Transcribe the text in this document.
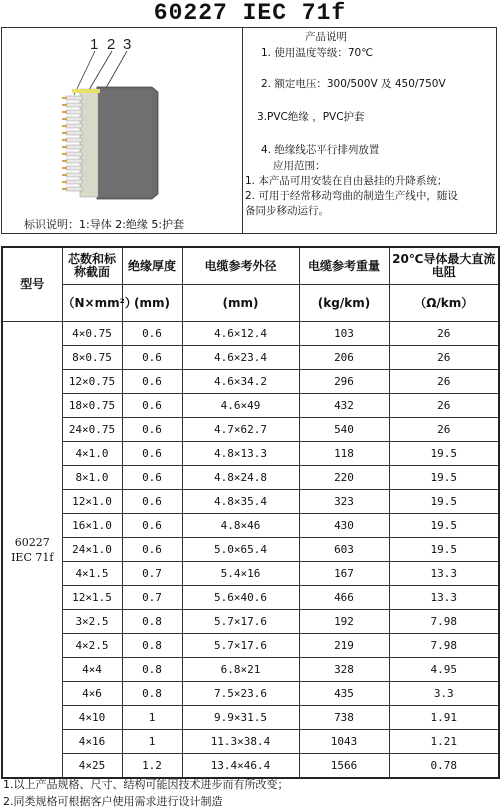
60227 IEC 71f
1 2 3
标识说明：1:导体 2:绝缘 5:护套
产品说明
1. 使用温度等级：70℃
2. 额定电压：300/500V 及 450/750V
3.PVC绝缘 ，PVC护套
4. 绝缘线芯平行排列放置
应用范围：
1. 本产品可用安装在自由悬挂的升降系统；
2. 可用于经常移动弯曲的制造生产线中，随设
备同步移动运行。
型号	芯数和标称截面	绝缘厚度	电缆参考外径	电缆参考重量	20℃导体最大直流电阻
	（N×mm²）	(mm)	(mm)	(kg/km)	（Ω/km）
60227 IEC 71f	4×0.75	0.6	4.6×12.4	103	26
	8×0.75	0.6	4.6×23.4	206	26
	12×0.75	0.6	4.6×34.2	296	26
	18×0.75	0.6	4.6×49	432	26
	24×0.75	0.6	4.7×62.7	540	26
	4×1.0	0.6	4.8×13.3	118	19.5
	8×1.0	0.6	4.8×24.8	220	19.5
	12×1.0	0.6	4.8×35.4	323	19.5
	16×1.0	0.6	4.8×46	430	19.5
	24×1.0	0.6	5.0×65.4	603	19.5
	4×1.5	0.7	5.4×16	167	13.3
	12×1.5	0.7	5.6×40.6	466	13.3
	3×2.5	0.8	5.7×17.6	192	7.98
	4×2.5	0.8	5.7×17.6	219	7.98
	4×4	0.8	6.8×21	328	4.95
	4×6	0.8	7.5×23.6	435	3.3
	4×10	1	9.9×31.5	738	1.91
	4×16	1	11.3×38.4	1043	1.21
	4×25	1.2	13.4×46.4	1566	0.78
1.以上产品规格、尺寸、结构可能因技术进步而有所改变；
2.同类规格可根据客户使用需求进行设计制造
